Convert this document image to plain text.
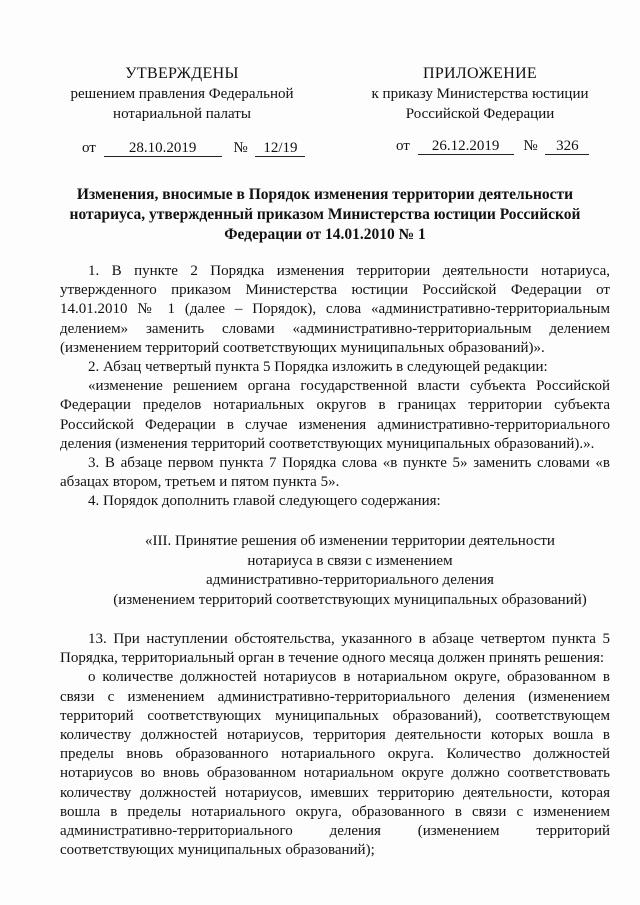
УТВЕРЖДЕНЫ
решением правления Федеральной
нотариальной палаты
от 28.10.2019 № 12/19
ПРИЛОЖЕНИЕ
к приказу Министерства юстиции
Российской Федерации
от 26.12.2019 № 326
Изменения, вносимые в Порядок изменения территории деятельности нотариуса, утвержденный приказом Министерства юстиции Российской Федерации от 14.01.2010 № 1

1. В пункте 2 Порядка изменения территории деятельности нотариуса, утвержденного приказом Министерства юстиции Российской Федерации от 14.01.2010 № 1 (далее – Порядок), слова «административно-территориальным делением» заменить словами «административно-территориальным делением (изменением территорий соответствующих муниципальных образований)».

2. Абзац четвертый пункта 5 Порядка изложить в следующей редакции:

«изменение решением органа государственной власти субъекта Российской Федерации пределов нотариальных округов в границах территории субъекта Российской Федерации в случае изменения административно-территориального деления (изменения территорий соответствующих муниципальных образований).».

3. В абзаце первом пункта 7 Порядка слова «в пункте 5» заменить словами «в абзацах втором, третьем и пятом пункта 5».

4. Порядок дополнить главой следующего содержания:

«III. Принятие решения об изменении территории деятельности
нотариуса в связи с изменением
административно-территориального деления
(изменением территорий соответствующих муниципальных образований)

13. При наступлении обстоятельства, указанного в абзаце четвертом пункта 5 Порядка, территориальный орган в течение одного месяца должен принять решения:

о количестве должностей нотариусов в нотариальном округе, образованном в связи с изменением административно-территориального деления (изменением территорий соответствующих муниципальных образований), соответствующем количеству должностей нотариусов, территория деятельности которых вошла в пределы вновь образованного нотариального округа. Количество должностей нотариусов во вновь образованном нотариальном округе должно соответствовать количеству должностей нотариусов, имевших территорию деятельности, которая вошла в пределы нотариального округа, образованного в связи с изменением административно-территориального деления (изменением территорий соответствующих муниципальных образований);
